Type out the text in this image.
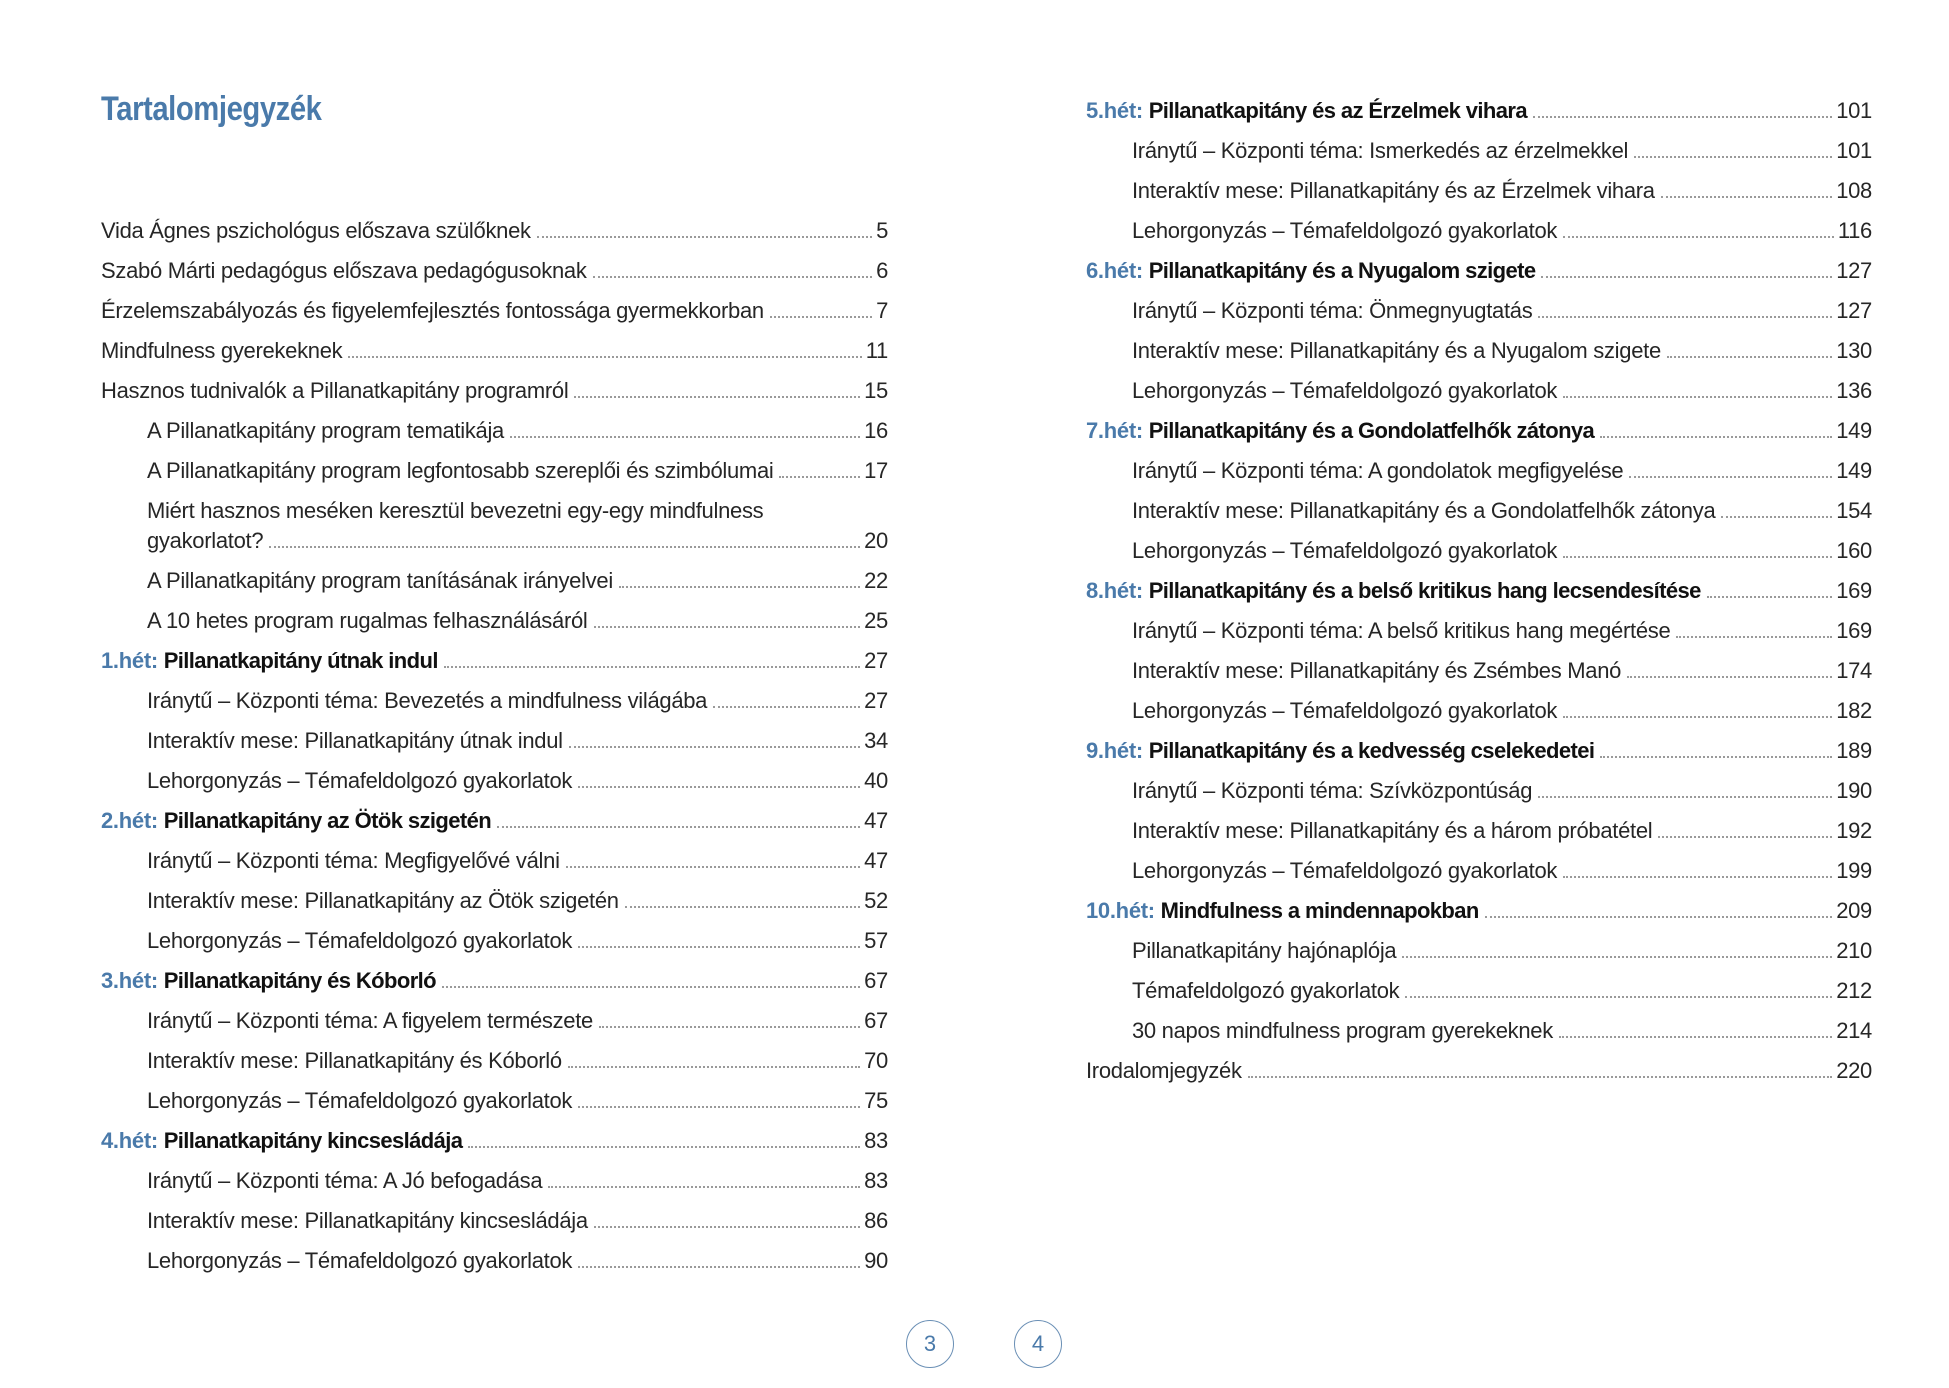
Tartalomjegyzék
Vida Ágnes pszichológus előszava szülőknek	5
Szabó Márti pedagógus előszava pedagógusoknak	6
Érzelemszabályozás és figyelemfejlesztés fontossága gyermekkorban	7
Mindfulness gyerekeknek	11
Hasznos tudnivalók a Pillanatkapitány programról	15
A Pillanatkapitány program tematikája	16
A Pillanatkapitány program legfontosabb szereplői és szimbólumai	17
Miért hasznos meséken keresztül bevezetni egy-egy mindfulness
gyakorlatot?	20
A Pillanatkapitány program tanításának irányelvei	22
A 10 hetes program rugalmas felhasználásáról	25
1.hét: Pillanatkapitány útnak indul	27
Iránytű – Központi téma: Bevezetés a mindfulness világába	27
Interaktív mese: Pillanatkapitány útnak indul	34
Lehorgonyzás – Témafeldolgozó gyakorlatok	40
2.hét: Pillanatkapitány az Ötök szigetén	47
Iránytű – Központi téma: Megfigyelővé válni	47
Interaktív mese: Pillanatkapitány az Ötök szigetén	52
Lehorgonyzás – Témafeldolgozó gyakorlatok	57
3.hét: Pillanatkapitány és Kóborló	67
Iránytű – Központi téma: A figyelem természete	67
Interaktív mese: Pillanatkapitány és Kóborló	70
Lehorgonyzás – Témafeldolgozó gyakorlatok	75
4.hét: Pillanatkapitány kincsesládája	83
Iránytű – Központi téma: A Jó befogadása	83
Interaktív mese: Pillanatkapitány kincsesládája	86
Lehorgonyzás – Témafeldolgozó gyakorlatok	90
5.hét: Pillanatkapitány és az Érzelmek vihara	101
Iránytű – Központi téma: Ismerkedés az érzelmekkel	101
Interaktív mese: Pillanatkapitány és az Érzelmek vihara	108
Lehorgonyzás – Témafeldolgozó gyakorlatok	116
6.hét: Pillanatkapitány és a Nyugalom szigete	127
Iránytű – Központi téma: Önmegnyugtatás	127
Interaktív mese: Pillanatkapitány és a Nyugalom szigete	130
Lehorgonyzás – Témafeldolgozó gyakorlatok	136
7.hét: Pillanatkapitány és a Gondolatfelhők zátonya	149
Iránytű – Központi téma: A gondolatok megfigyelése	149
Interaktív mese: Pillanatkapitány és a Gondolatfelhők zátonya	154
Lehorgonyzás – Témafeldolgozó gyakorlatok	160
8.hét: Pillanatkapitány és a belső kritikus hang lecsendesítése	169
Iránytű – Központi téma: A belső kritikus hang megértése	169
Interaktív mese: Pillanatkapitány és Zsémbes Manó	174
Lehorgonyzás – Témafeldolgozó gyakorlatok	182
9.hét: Pillanatkapitány és a kedvesség cselekedetei	189
Iránytű – Központi téma: Szívközpontúság	190
Interaktív mese: Pillanatkapitány és a három próbatétel	192
Lehorgonyzás – Témafeldolgozó gyakorlatok	199
10.hét: Mindfulness a mindennapokban	209
Pillanatkapitány hajónaplója	210
Témafeldolgozó gyakorlatok	212
30 napos mindfulness program gyerekeknek	214
Irodalomjegyzék	220
3	4
